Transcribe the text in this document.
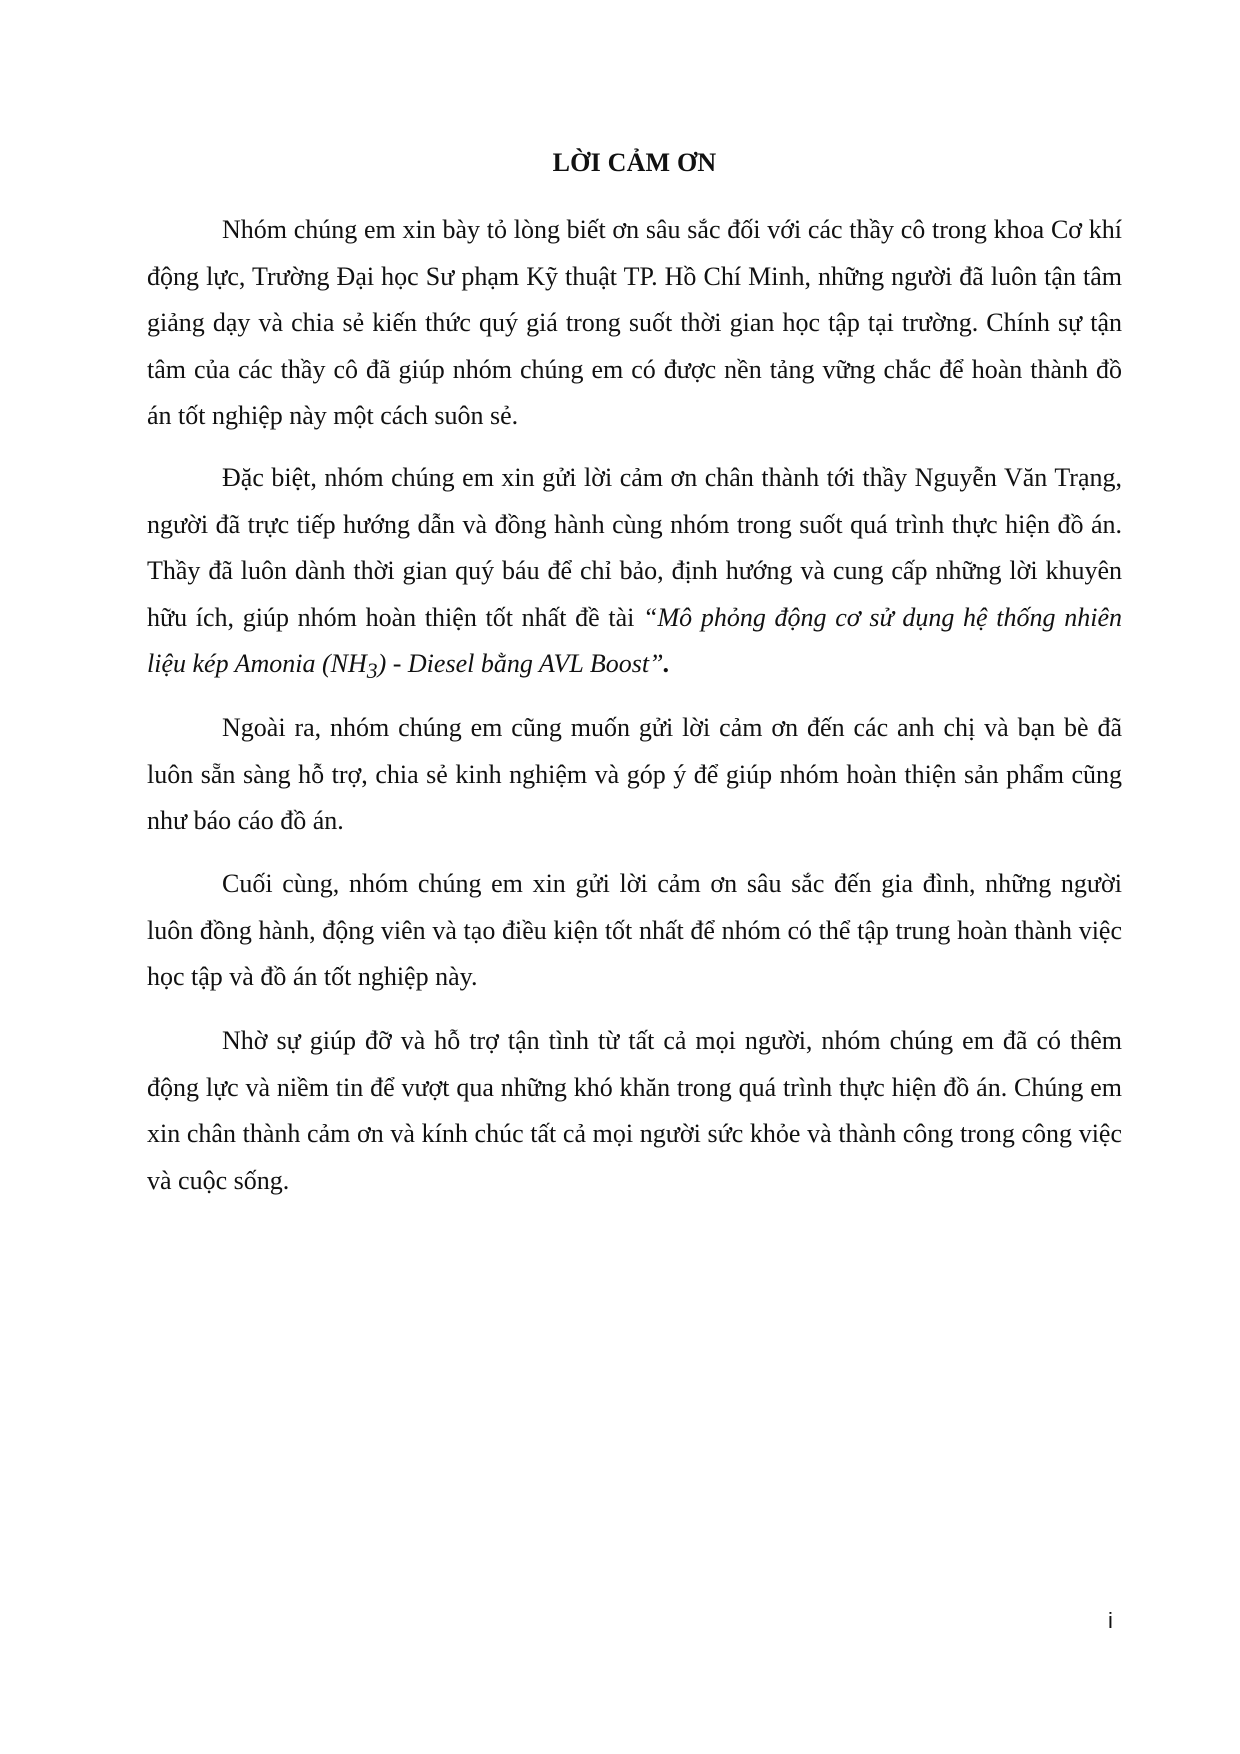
LỜI CẢM ƠN

Nhóm chúng em xin bày tỏ lòng biết ơn sâu sắc đối với các thầy cô trong khoa Cơ khí động lực, Trường Đại học Sư phạm Kỹ thuật TP. Hồ Chí Minh, những người đã luôn tận tâm giảng dạy và chia sẻ kiến thức quý giá trong suốt thời gian học tập tại trường. Chính sự tận tâm của các thầy cô đã giúp nhóm chúng em có được nền tảng vững chắc để hoàn thành đồ án tốt nghiệp này một cách suôn sẻ.

Đặc biệt, nhóm chúng em xin gửi lời cảm ơn chân thành tới thầy Nguyễn Văn Trạng, người đã trực tiếp hướng dẫn và đồng hành cùng nhóm trong suốt quá trình thực hiện đồ án. Thầy đã luôn dành thời gian quý báu để chỉ bảo, định hướng và cung cấp những lời khuyên hữu ích, giúp nhóm hoàn thiện tốt nhất đề tài “Mô phỏng động cơ sử dụng hệ thống nhiên liệu kép Amonia $(NH_3)$ - Diesel bằng AVL Boost”.

Ngoài ra, nhóm chúng em cũng muốn gửi lời cảm ơn đến các anh chị và bạn bè đã luôn sẵn sàng hỗ trợ, chia sẻ kinh nghiệm và góp ý để giúp nhóm hoàn thiện sản phẩm cũng như báo cáo đồ án.

Cuối cùng, nhóm chúng em xin gửi lời cảm ơn sâu sắc đến gia đình, những người luôn đồng hành, động viên và tạo điều kiện tốt nhất để nhóm có thể tập trung hoàn thành việc học tập và đồ án tốt nghiệp này.

Nhờ sự giúp đỡ và hỗ trợ tận tình từ tất cả mọi người, nhóm chúng em đã có thêm động lực và niềm tin để vượt qua những khó khăn trong quá trình thực hiện đồ án. Chúng em xin chân thành cảm ơn và kính chúc tất cả mọi người sức khỏe và thành công trong công việc và cuộc sống.

i
